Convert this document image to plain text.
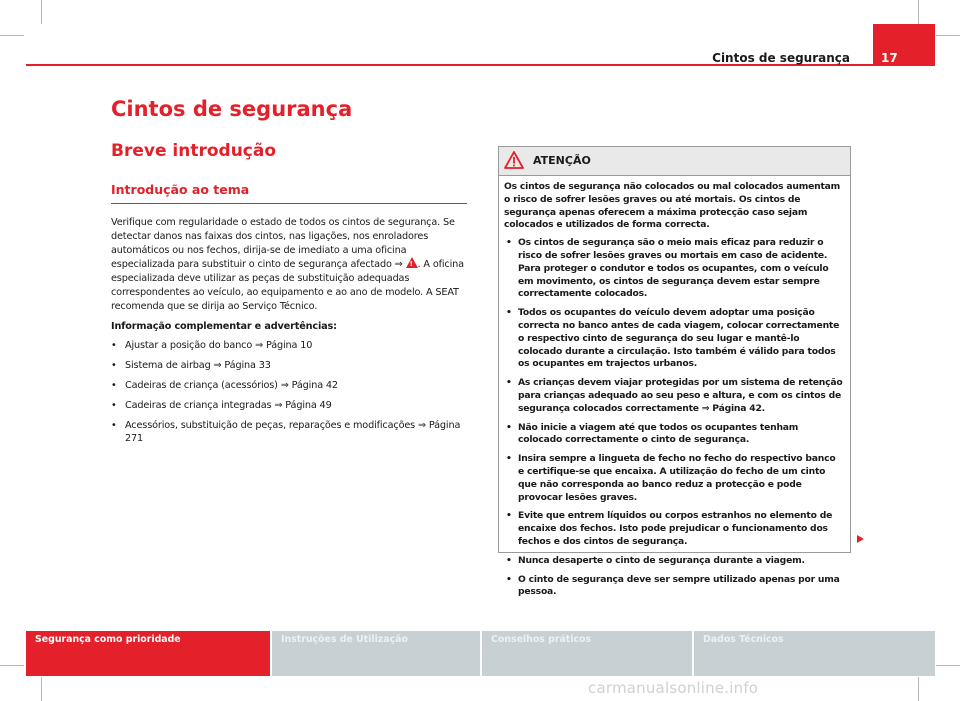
17
Cintos de segurança
Cintos de segurança
Breve introdução
Introdução ao tema

Verifique com regularidade o estado de todos os cintos de segurança. Se detectar danos nas faixas dos cintos, nas ligações, nos enroladores automáticos ou nos fechos, dirija-se de imediato a uma oficina especializada para substituir o cinto de segurança afectado ⇒ !. A oficina especializada deve utilizar as peças de substituição adequadas correspondentes ao veículo, ao equipamento e ao ano de modelo. A SEAT recomenda que se dirija ao Serviço Técnico.

Informação complementar e advertências:

• Ajustar a posição do banco ⇒ Página 10
• Sistema de airbag ⇒ Página 33
• Cadeiras de criança (acessórios) ⇒ Página 42
• Cadeiras de criança integradas ⇒ Página 49
• Acessórios, substituição de peças, reparações e modificações ⇒ Página 271
ATENÇÃO

Os cintos de segurança não colocados ou mal colocados aumentam o risco de sofrer lesões graves ou até mortais. Os cintos de segurança apenas oferecem a máxima protecção caso sejam colocados e utilizados de forma correcta.

• Os cintos de segurança são o meio mais eficaz para reduzir o risco de sofrer lesões graves ou mortais em caso de acidente. Para proteger o condutor e todos os ocupantes, com o veículo em movimento, os cintos de segurança devem estar sempre correctamente colocados.
• Todos os ocupantes do veículo devem adoptar uma posição correcta no banco antes de cada viagem, colocar correctamente o respectivo cinto de segurança do seu lugar e mantê-lo colocado durante a circulação. Isto também é válido para todos os ocupantes em trajectos urbanos.
• As crianças devem viajar protegidas por um sistema de retenção para crianças adequado ao seu peso e altura, e com os cintos de segurança colocados correctamente ⇒ Página 42.
• Não inicie a viagem até que todos os ocupantes tenham colocado correctamente o cinto de segurança.
• Insira sempre a lingueta de fecho no fecho do respectivo banco e certifique-se que encaixa. A utilização do fecho de um cinto que não corresponda ao banco reduz a protecção e pode provocar lesões graves.
• Evite que entrem líquidos ou corpos estranhos no elemento de encaixe dos fechos. Isto pode prejudicar o funcionamento dos fechos e dos cintos de segurança.
• Nunca desaperte o cinto de segurança durante a viagem.
• O cinto de segurança deve ser sempre utilizado apenas por uma pessoa.
Segurança como prioridade	Instruções de Utilização	Conselhos práticos	Dados Técnicos
carmanualsonline.info
